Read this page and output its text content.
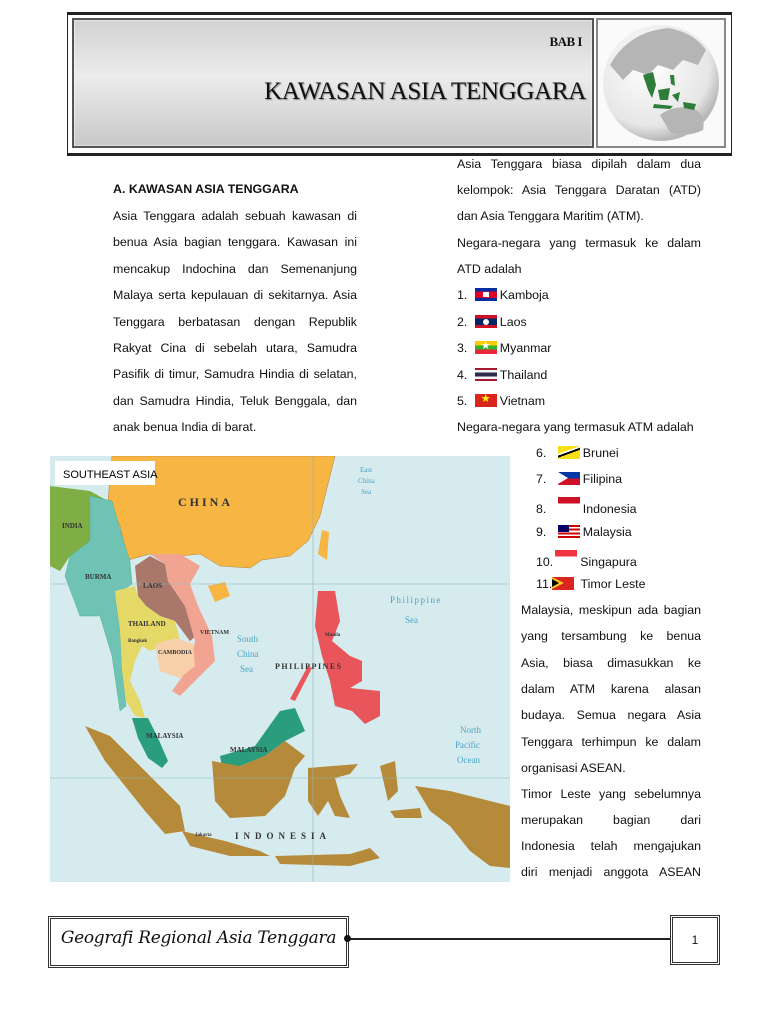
BAB I
KAWASAN ASIA TENGGARA
A. KAWASAN ASIA TENGGARA
Asia Tenggara adalah sebuah kawasan di
benua Asia bagian tenggara. Kawasan ini
mencakup Indochina dan Semenanjung
Malaya serta kepulauan di sekitarnya. Asia
Tenggara berbatasan dengan Republik
Rakyat Cina di sebelah utara, Samudra
Pasifik di timur, Samudra Hindia di selatan,
dan Samudra Hindia, Teluk Benggala, dan
anak benua India di barat.
Asia Tenggara biasa dipilah dalam dua
kelompok: Asia Tenggara Daratan (ATD)
dan Asia Tenggara Maritim (ATM).
Negara-negara yang termasuk ke dalam
ATD adalah
1.	Kamboja
2.	Laos
3. ★ Myanmar
4.	Thailand
5. ★ Vietnam
Negara-negara yang termasuk ATM adalah
6.	Brunei
7.	Filipina
8.	Indonesia
9.	Malaysia
10. Singapura
11. Timor Leste
Malaysia, meskipun ada bagian
yang tersambung ke benua
Asia, biasa dimasukkan ke
dalam ATM karena alasan
budaya. Semua negara Asia
Tenggara terhimpun ke dalam
organisasi ASEAN.
Timor Leste yang sebelumnya
merupakan bagian dari
Indonesia telah mengajukan
diri menjadi anggota ASEAN
SOUTHEAST ASIA
CHINA
INDIA
BURMA
LAOS
THAILAND
CAMBODIA
VIETNAM
PHILIPPINES
MALAYSIA
MALAYSIA
INDONESIA
Jakarta
Bangkok
Manila
South
China
Sea
Philippine
Sea
North
Pacific
Ocean
East
China
Sea
Geografi Regional Asia Tenggara	1
